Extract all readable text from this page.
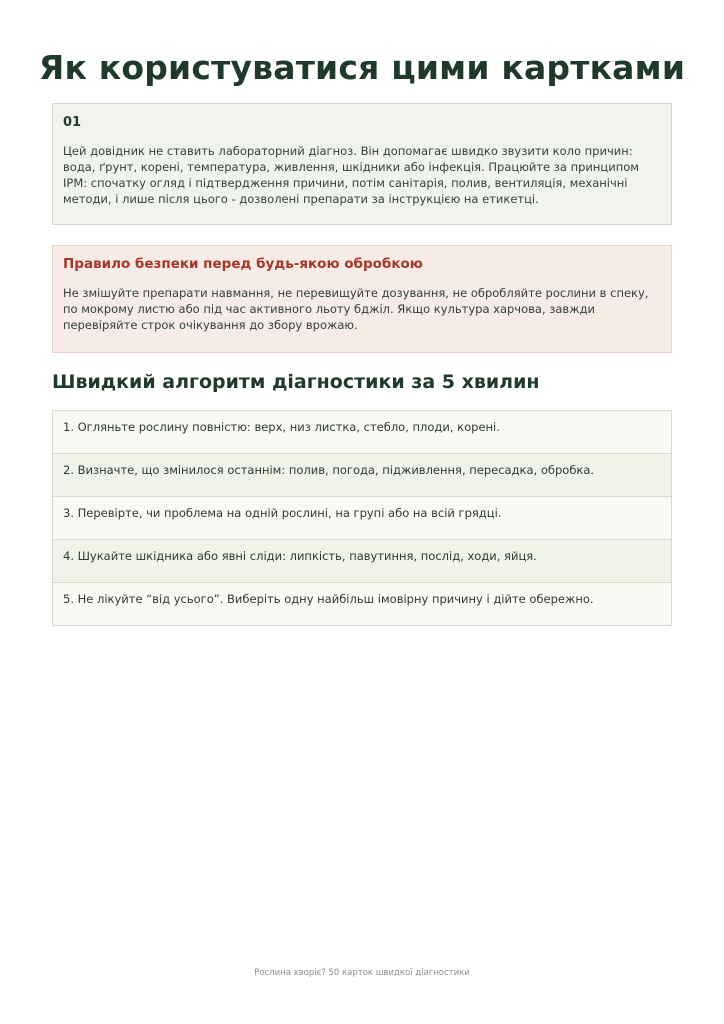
Як користуватися цими картками
01

Цей довідник не ставить лабораторний діагноз. Він допомагає швидко звузити коло причин: вода, ґрунт, корені, температура, живлення, шкідники або інфекція. Працюйте за принципом IPM: спочатку огляд і підтвердження причини, потім санітарія, полив, вентиляція, механічні методи, і лише після цього - дозволені препарати за інструкцією на етикетці.

Правило безпеки перед будь-якою обробкою

Не змішуйте препарати навмання, не перевищуйте дозування, не обробляйте рослини в спеку, по мокрому листю або під час активного льоту бджіл. Якщо культура харчова, завжди перевіряйте строк очікування до збору врожаю.

Швидкий алгоритм діагностики за 5 хвилин
1. Огляньте рослину повністю: верх, низ листка, стебло, плоди, корені.
2. Визначте, що змінилося останнім: полив, погода, підживлення, пересадка, обробка.
3. Перевірте, чи проблема на одній рослині, на групі або на всій грядці.
4. Шукайте шкідника або явні сліди: липкість, павутиння, послід, ходи, яйця.
5. Не лікуйте “від усього”. Виберіть одну найбільш імовірну причину і дійте обережно.
Рослина хворіє? 50 карток швидкої діагностики
